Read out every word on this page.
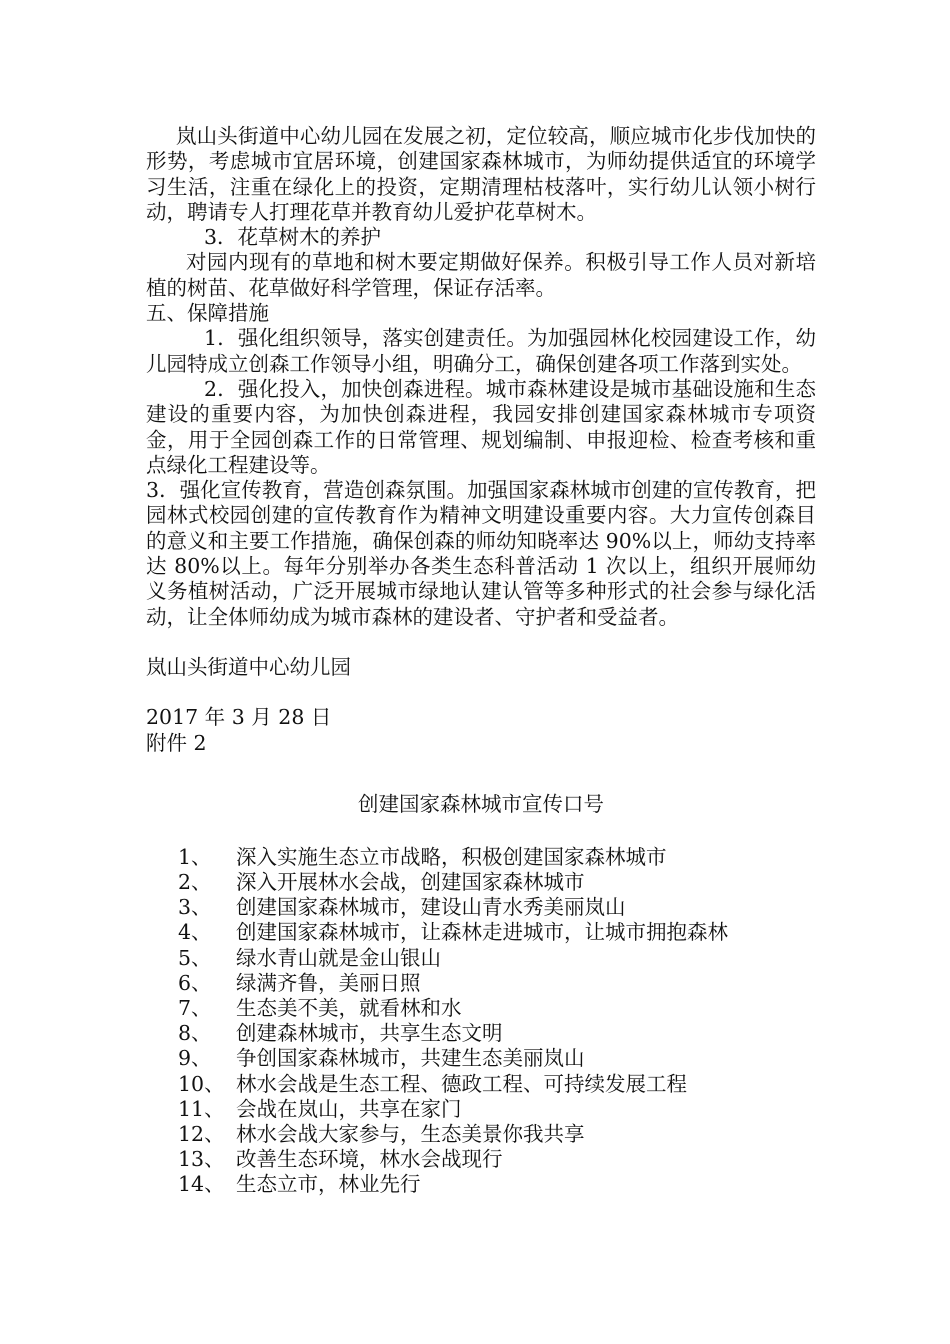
岚山头街道中心幼儿园在发展之初，定位较高，顺应城市化步伐加快的形势，考虑城市宜居环境，创建国家森林城市，为师幼提供适宜的环境学习生活，注重在绿化上的投资，定期清理枯枝落叶，实行幼儿认领小树行动，聘请专人打理花草并教育幼儿爱护花草树木。

3．花草树木的养护

对园内现有的草地和树木要定期做好保养。积极引导工作人员对新培植的树苗、花草做好科学管理，保证存活率。

五、保障措施

1．强化组织领导，落实创建责任。为加强园林化校园建设工作，幼儿园特成立创森工作领导小组，明确分工，确保创建各项工作落到实处。

2．强化投入，加快创森进程。城市森林建设是城市基础设施和生态建设的重要内容，为加快创森进程，我园安排创建国家森林城市专项资金，用于全园创森工作的日常管理、规划编制、申报迎检、检查考核和重点绿化工程建设等。

3．强化宣传教育，营造创森氛围。加强国家森林城市创建的宣传教育，把园林式校园创建的宣传教育作为精神文明建设重要内容。大力宣传创森目的意义和主要工作措施，确保创森的师幼知晓率达 90%以上，师幼支持率达 80%以上。每年分别举办各类生态科普活动 1 次以上，组织开展师幼义务植树活动，广泛开展城市绿地认建认管等多种形式的社会参与绿化活动，让全体师幼成为城市森林的建设者、守护者和受益者。

岚山头街道中心幼儿园

2017 年 3 月 28 日

附件 2

创建国家森林城市宣传口号
1、	深入实施生态立市战略，积极创建国家森林城市
2、	深入开展林水会战，创建国家森林城市
3、	创建国家森林城市，建设山青水秀美丽岚山
4、	创建国家森林城市，让森林走进城市，让城市拥抱森林
5、	绿水青山就是金山银山
6、	绿满齐鲁，美丽日照
7、	生态美不美，就看林和水
8、	创建森林城市，共享生态文明
9、	争创国家森林城市，共建生态美丽岚山
10、 林水会战是生态工程、德政工程、可持续发展工程
11、 会战在岚山，共享在家门
12、 林水会战大家参与，生态美景你我共享
13、 改善生态环境，林水会战现行
14、 生态立市，林业先行
